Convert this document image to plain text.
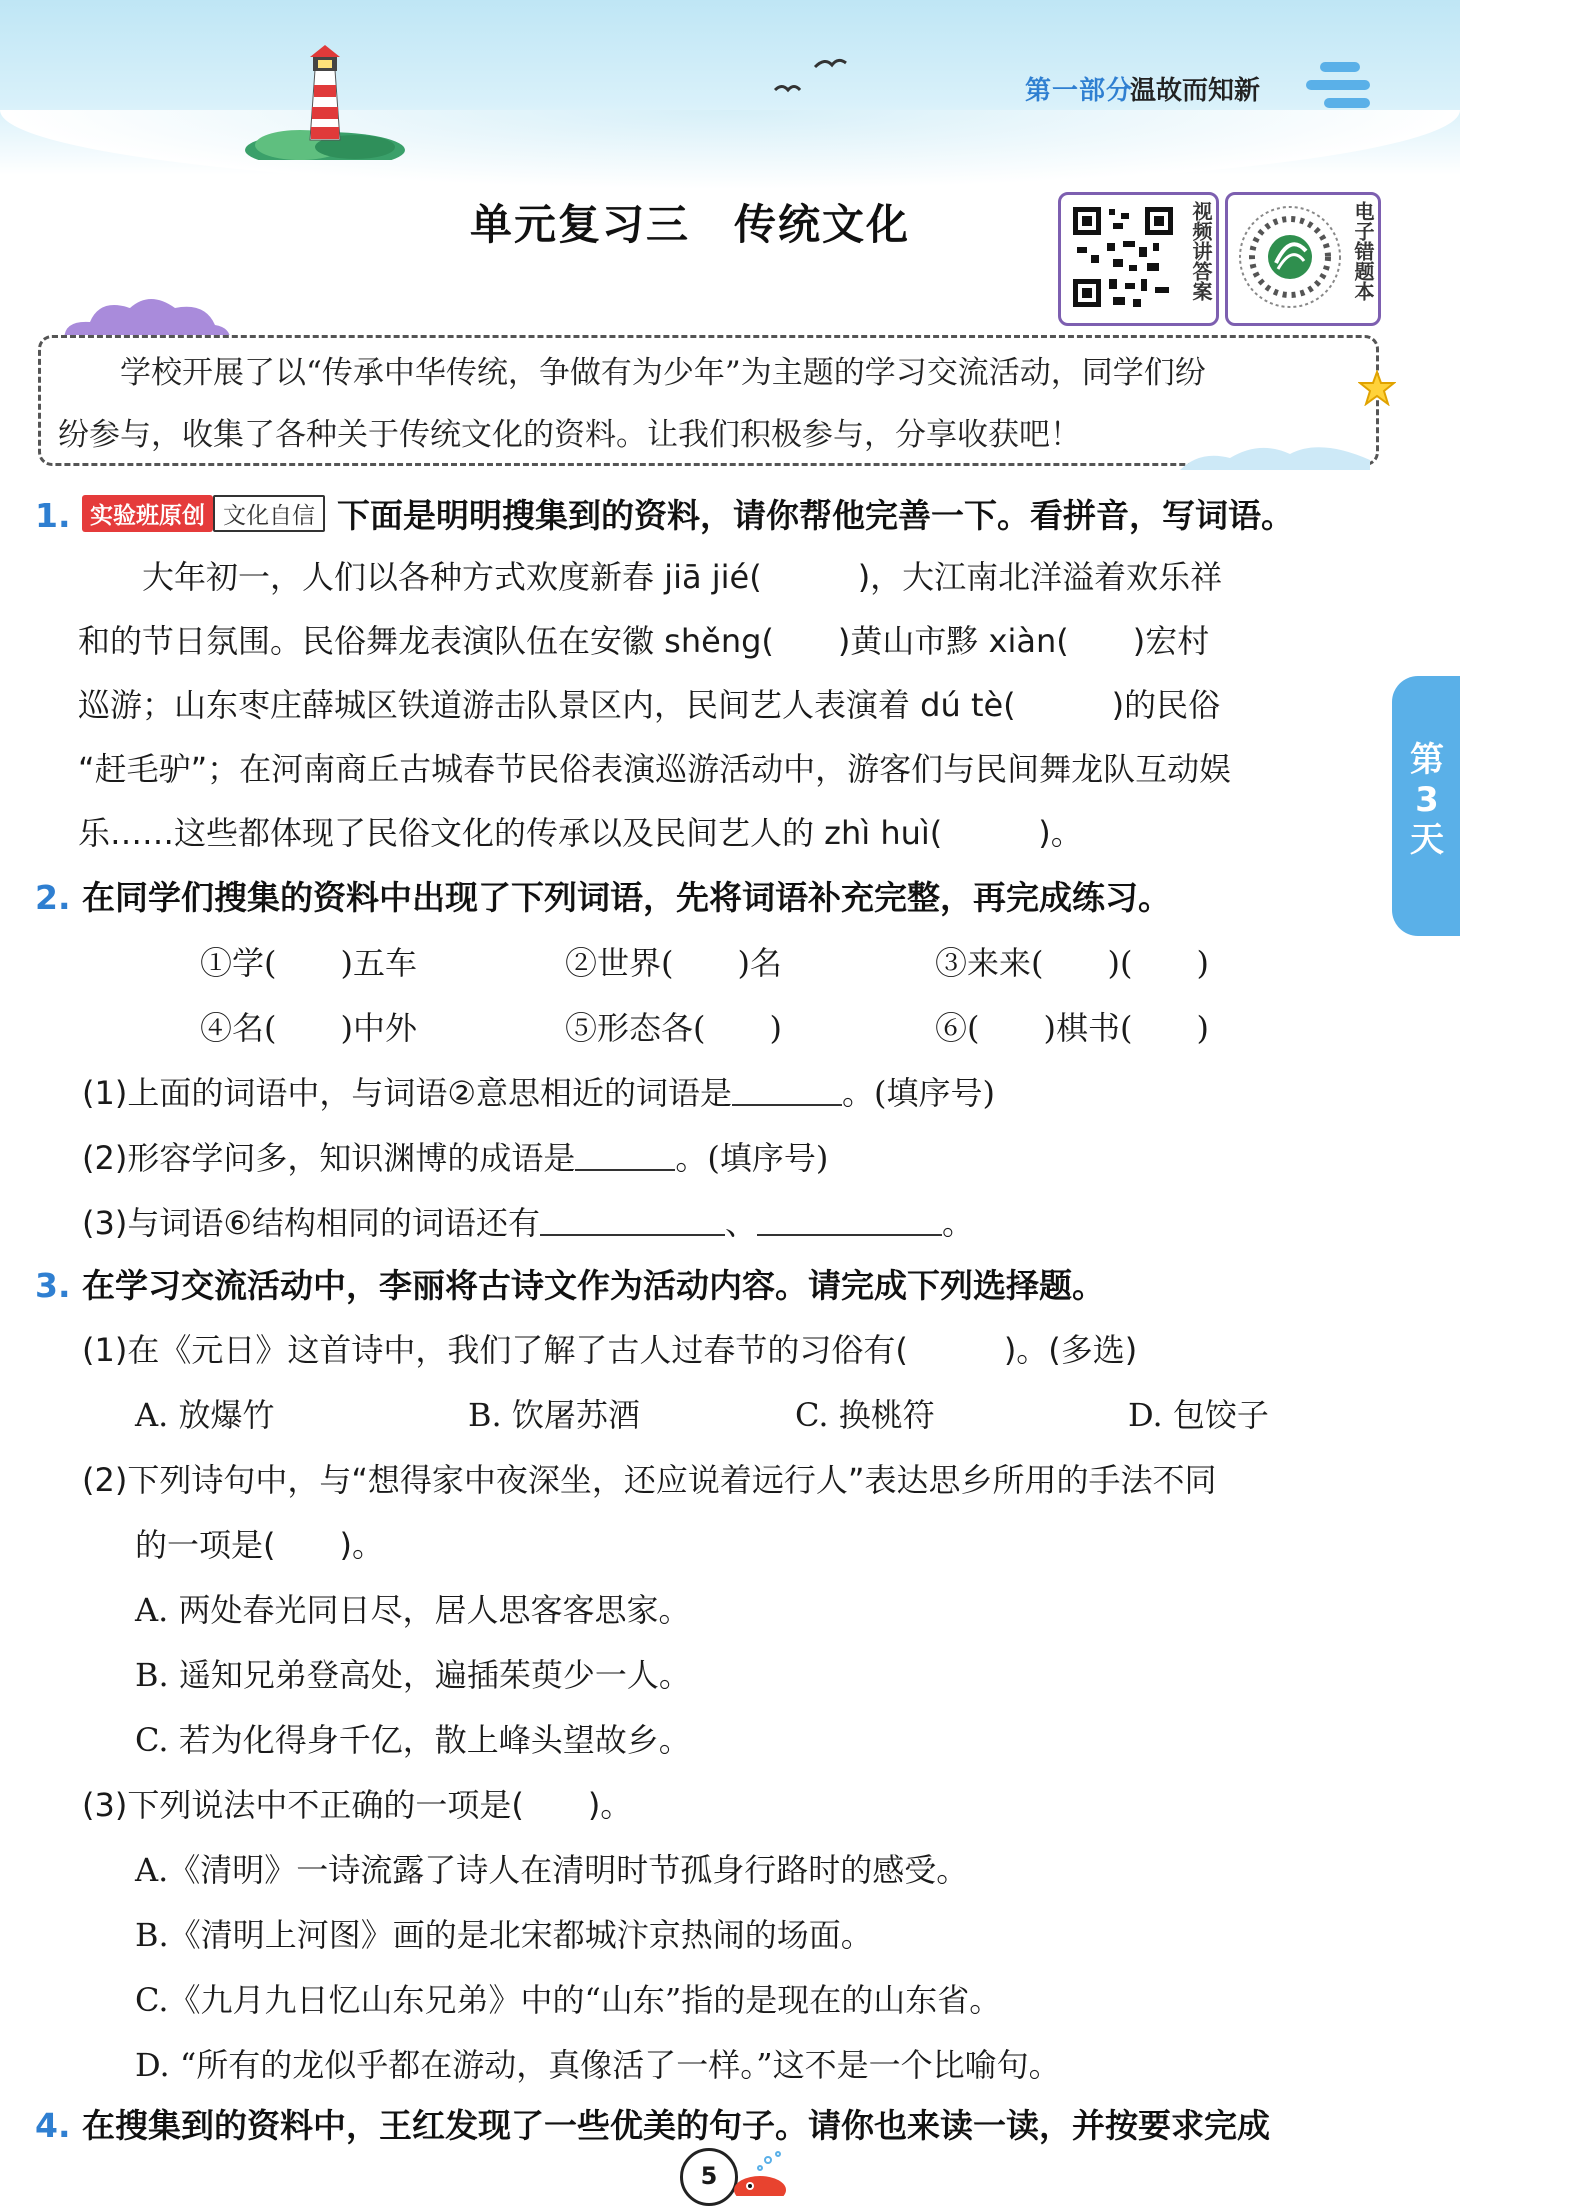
第一部分
温故而知新
单元复习三　传统文化	视频讲答案	电子错题本
　　学校开展了以“传承中华传统，争做有为少年”为主题的学习交流活动，同学们纷
纷参与，收集了各种关于传统文化的资料。让我们积极参与，分享收获吧！
第3天
1. 实验班原创 文化自信 下面是明明搜集到的资料，请你帮他完善一下。看拼音，写词语。
　　大年初一，人们以各种方式欢度新春 jiā jié(　　　)，大江南北洋溢着欢乐祥
和的节日氛围。民俗舞龙表演队伍在安徽 shěng(　　)黄山市黟 xiàn(　　)宏村
巡游；山东枣庄薛城区铁道游击队景区内，民间艺人表演着 dú tè(　　　)的民俗
“赶毛驴”；在河南商丘古城春节民俗表演巡游活动中，游客们与民间舞龙队互动娱
乐……这些都体现了民俗文化的传承以及民间艺人的 zhì huì(　　　)。
2. 在同学们搜集的资料中出现了下列词语，先将词语补充完整，再完成练习。
①学(　　)五车	②世界(　　)名	③来来(　　)(　　)
④名(　　)中外	⑤形态各(　　)	⑥(　　)棋书(　　)
(1)上面的词语中，与词语②意思相近的词语是	。(填序号)
(2)形容学问多，知识渊博的成语是	。(填序号)
(3)与词语⑥结构相同的词语还有	、	。
3. 在学习交流活动中，李丽将古诗文作为活动内容。请完成下列选择题。
(1)在《元日》这首诗中，我们了解了古人过春节的习俗有(　　　)。(多选)
A. 放爆竹	B. 饮屠苏酒	C. 换桃符	D. 包饺子
(2)下列诗句中，与“想得家中夜深坐，还应说着远行人”表达思乡所用的手法不同
的一项是(　　)。
A. 两处春光同日尽，居人思客客思家。
B. 遥知兄弟登高处，遍插茱萸少一人。
C. 若为化得身千亿，散上峰头望故乡。
(3)下列说法中不正确的一项是(　　)。
A.《清明》一诗流露了诗人在清明时节孤身行路时的感受。
B.《清明上河图》画的是北宋都城汴京热闹的场面。
C.《九月九日忆山东兄弟》中的“山东”指的是现在的山东省。
D. “所有的龙似乎都在游动，真像活了一样。”这不是一个比喻句。
4. 在搜集到的资料中，王红发现了一些优美的句子。请你也来读一读，并按要求完成
5
